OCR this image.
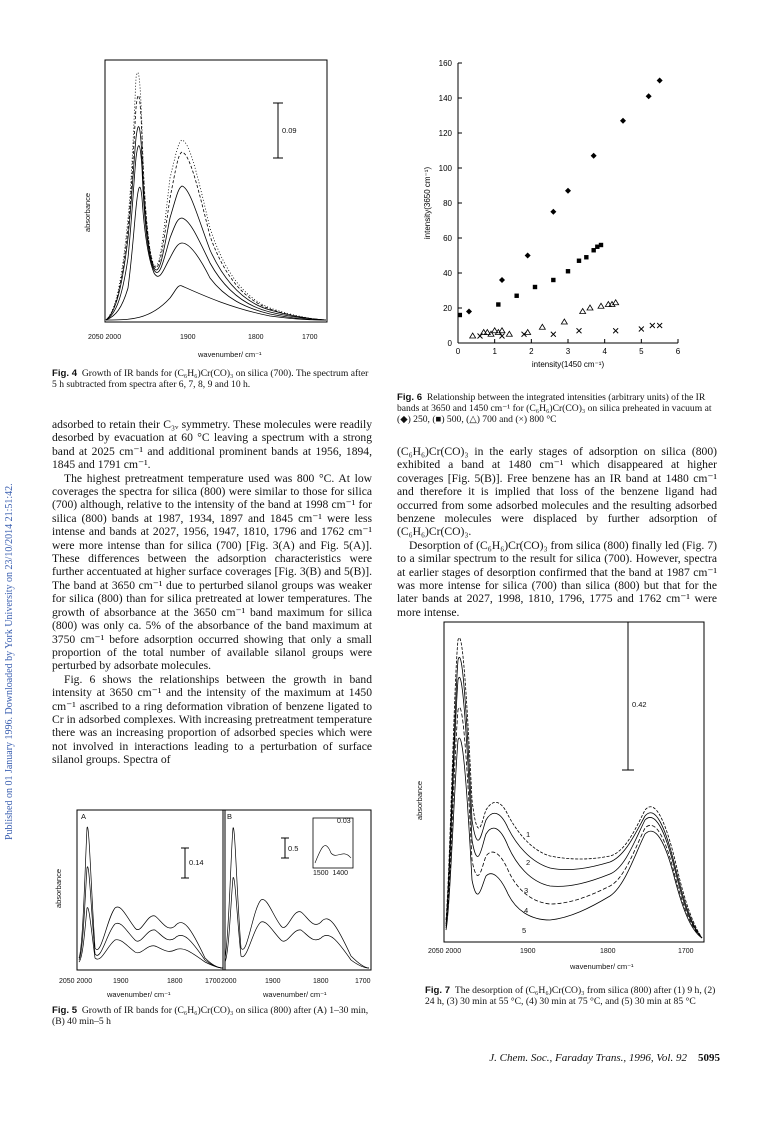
Published on 01 January 1996. Downloaded by York University on 23/10/2014 21:51:42.
0.09
absorbance
2050 2000	1900	1800	1700
wavenumber/ cm⁻¹
Fig. 4 Growth of IR bands for (C₆H₆)Cr(CO)₃ on silica (700). The spectrum after 5 h subtracted from spectra after 6, 7, 8, 9 and 10 h.
0
20
40
60
80
100
120
140
160
0	1	2	3	4	5	6
intensity(1450 cm⁻¹)
intensity(3650 cm⁻¹)
Fig. 6 Relationship between the integrated intensities (arbitrary units) of the IR bands at 3650 and 1450 cm⁻¹ for (C₆H₆)Cr(CO)₃ on silica preheated in vacuum at (◆) 250, (■) 500, (△) 700 and (×) 800 °C

adsorbed to retain their C₃ᵥ symmetry. These molecules were readily desorbed by evacuation at 60 °C leaving a spectrum with a strong band at 2025 cm⁻¹ and additional prominent bands at 1956, 1894, 1845 and 1791 cm⁻¹.

The highest pretreatment temperature used was 800 °C. At low coverages the spectra for silica (800) were similar to those for silica (700) although, relative to the intensity of the band at 1998 cm⁻¹ for silica (800) bands at 1987, 1934, 1897 and 1845 cm⁻¹ were less intense and bands at 2027, 1956, 1947, 1810, 1796 and 1762 cm⁻¹ were more intense than for silica (700) [Fig. 3(A) and Fig. 5(A)]. These differences between the adsorption characteristics were further accentuated at higher surface coverages [Fig. 3(B) and 5(B)]. The band at 3650 cm⁻¹ due to perturbed silanol groups was weaker for silica (800) than for silica pretreated at lower temperatures. The growth of absorbance at the 3650 cm⁻¹ band maximum for silica (800) was only ca. 5% of the absorbance of the band maximum at 3750 cm⁻¹ before adsorption occurred showing that only a small proportion of the total number of available silanol groups were perturbed by adsorbate molecules.

Fig. 6 shows the relationships between the growth in band intensity at 3650 cm⁻¹ and the intensity of the maximum at 1450 cm⁻¹ ascribed to a ring deformation vibration of benzene ligated to Cr in adsorbed complexes. With increasing pretreatment temperature there was an increasing proportion of adsorbed species which were not involved in interactions leading to a perturbation of surface silanol groups. Spectra of

(C₆H₆)Cr(CO)₃ in the early stages of adsorption on silica (800) exhibited a band at 1480 cm⁻¹ which disappeared at higher coverages [Fig. 5(B)]. Free benzene has an IR band at 1480 cm⁻¹ and therefore it is implied that loss of the benzene ligand had occurred from some adsorbed molecules and the resulting adsorbed benzene molecules were displaced by further adsorption of (C₆H₆)Cr(CO)₃.

Desorption of (C₆H₆)Cr(CO)₃ from silica (800) finally led (Fig. 7) to a similar spectrum to the result for silica (700). However, spectra at earlier stages of desorption confirmed that the band at 1987 cm⁻¹ was more intense for silica (700) than silica (800) but that for the later bands at 2027, 1998, 1810, 1796, 1775 and 1762 cm⁻¹ were more intense.

A	B
0.14
0.5
0.03
1500  1400
absorbance
2050 2000	1900	1800	1700 2000	1900	1800	1700
wavenumber/ cm⁻¹	wavenumber/ cm⁻¹
Fig. 5 Growth of IR bands for (C₆H₆)Cr(CO)₃ on silica (800) after (A) 1–30 min, (B) 40 min–5 h
0.42
absorbance
1
2
3
4
5
2050 2000	1900	1800	1700
wavenumber/ cm⁻¹
Fig. 7 The desorption of (C₆H₆)Cr(CO)₃ from silica (800) after (1) 9 h, (2) 24 h, (3) 30 min at 55 °C, (4) 30 min at 75 °C, and (5) 30 min at 85 °C
J. Chem. Soc., Faraday Trans., 1996, Vol. 92 5095
